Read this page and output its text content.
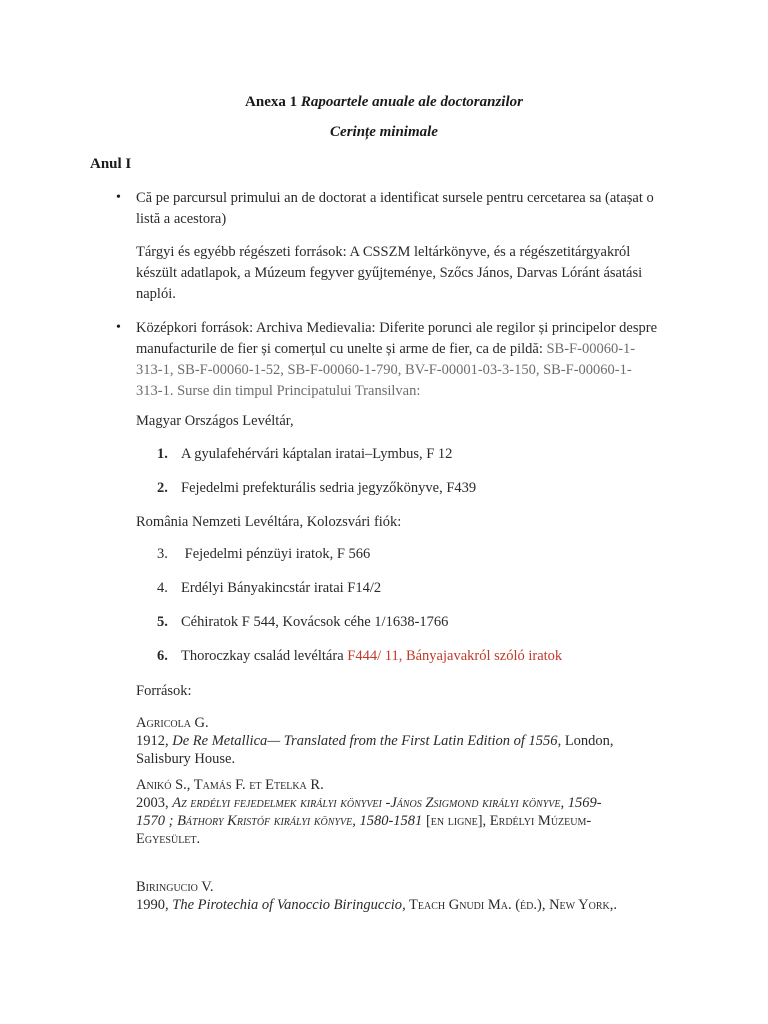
Anexa 1 Rapoartele anuale ale doctoranzilor
Cerințe minimale
Anul I
• Că pe parcursul primului an de doctorat a identificat sursele pentru cercetarea sa (atașat o
listă a acestora)
Tárgyi és egyébb régészeti források: A CSSZM leltárkönyve, és a régészetitárgyakról
készült adatlapok, a Múzeum fegyver gyűjteménye, Szőcs János, Darvas Lóránt ásatási
naplói.
• Középkori források: Archiva Medievalia: Diferite porunci ale regilor și principelor despre
manufacturile de fier și comerțul cu unelte și arme de fier, ca de pildă: SB-F-00060-1-
313-1, SB-F-00060-1-52, SB-F-00060-1-790, BV-F-00001-03-3-150, SB-F-00060-1-
313-1. Surse din timpul Principatului Transilvan:
Magyar Országos Levéltár,
1. A gyulafehérvári káptalan iratai–Lymbus, F 12
2. Fejedelmi prefekturális sedria jegyzőkönyve, F439
România Nemzeti Levéltára, Kolozsvári fiók:
3. Fejedelmi pénzüyi iratok, F 566
4. Erdélyi Bányakincstár iratai F14/2
5. Céhiratok F 544, Kovácsok céhe 1/1638-1766
6. Thoroczkay család levéltára F444/ 11, Bányajavakról szóló iratok
Források:
Agricola G.
1912, De Re Metallica— Translated from the First Latin Edition of 1556, London,
Salisbury House.
Anikó S., Tamás F. et Etelka R.
2003, Az erdélyi fejedelmek királyi könyvei -János Zsigmond királyi könyve, 1569-
1570 ; Báthory Kristóf királyi könyve, 1580-1581 [en ligne], Erdélyi Múzeum-
Egyesület.
Biringucio V.
1990, The Pirotechia of Vanoccio Biringuccio, Teach Gnudi Ma. (éd.), New York,.
